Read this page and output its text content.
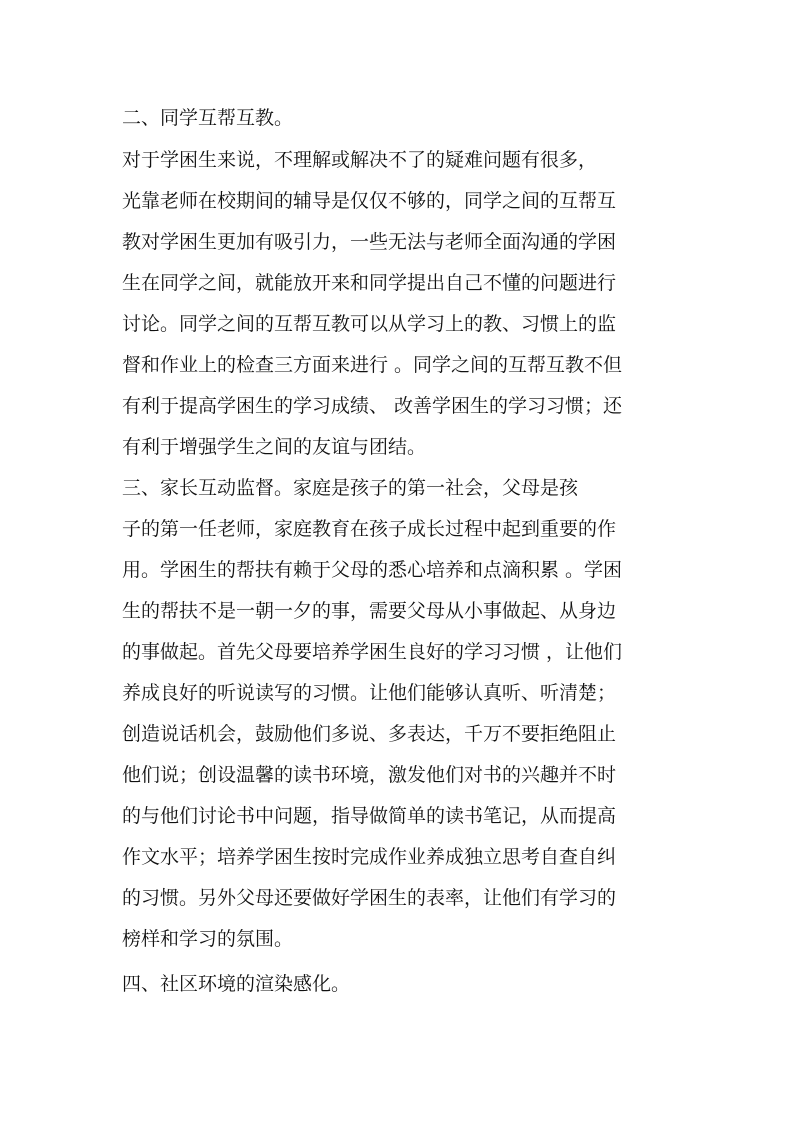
二、同学互帮互教。

对于学困生来说，不理解或解决不了的疑难问题有很多，

光靠老师在校期间的辅导是仅仅不够的，同学之间的互帮互

教对学困生更加有吸引力，一些无法与老师全面沟通的学困

生在同学之间，就能放开来和同学提出自己不懂的问题进行

讨论。同学之间的互帮互教可以从学习上的教、习惯上的监

督和作业上的检查三方面来进行 。同学之间的互帮互教不但

有利于提高学困生的学习成绩、 改善学困生的学习习惯；还

有利于增强学生之间的友谊与团结。

三、家长互动监督。家庭是孩子的第一社会，父母是孩

子的第一任老师，家庭教育在孩子成长过程中起到重要的作

用。学困生的帮扶有赖于父母的悉心培养和点滴积累 。学困

生的帮扶不是一朝一夕的事，需要父母从小事做起、从身边

的事做起。首先父母要培养学困生良好的学习习惯 ，让他们

养成良好的听说读写的习惯。让他们能够认真听、听清楚；

创造说话机会，鼓励他们多说、多表达，千万不要拒绝阻止

他们说；创设温馨的读书环境，激发他们对书的兴趣并不时

的与他们讨论书中问题，指导做简单的读书笔记，从而提高

作文水平；培养学困生按时完成作业养成独立思考自查自纠

的习惯。另外父母还要做好学困生的表率，让他们有学习的

榜样和学习的氛围。

四、社区环境的渲染感化。
